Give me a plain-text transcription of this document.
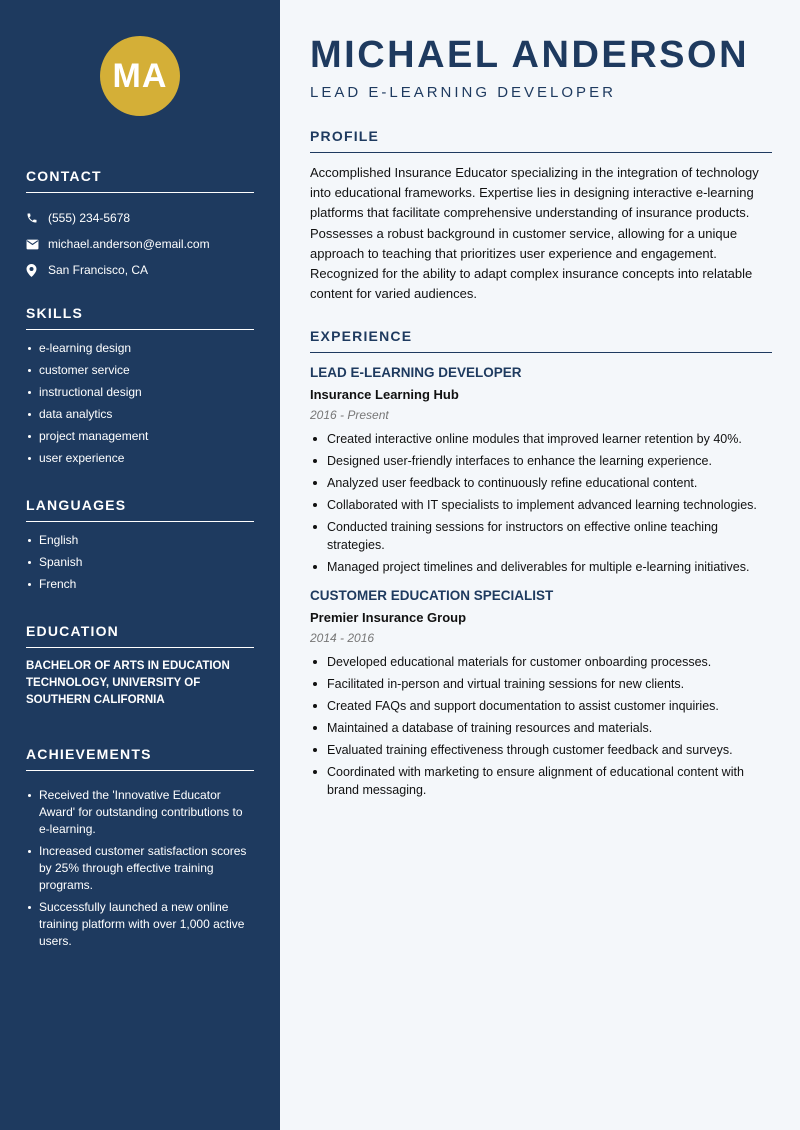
MA
CONTACT
(555) 234-5678
michael.anderson@email.com
San Francisco, CA
SKILLS
e-learning design
customer service
instructional design
data analytics
project management
user experience
LANGUAGES
English
Spanish
French
EDUCATION
BACHELOR OF ARTS IN EDUCATION TECHNOLOGY, UNIVERSITY OF SOUTHERN CALIFORNIA
ACHIEVEMENTS
Received the 'Innovative Educator Award' for outstanding contributions to e-learning.
Increased customer satisfaction scores by 25% through effective training programs.
Successfully launched a new online training platform with over 1,000 active users.
MICHAEL ANDERSON
LEAD E-LEARNING DEVELOPER
PROFILE

Accomplished Insurance Educator specializing in the integration of technology into educational frameworks. Expertise lies in designing interactive e-learning platforms that facilitate comprehensive understanding of insurance products. Possesses a robust background in customer service, allowing for a unique approach to teaching that prioritizes user experience and engagement. Recognized for the ability to adapt complex insurance concepts into relatable content for varied audiences.

EXPERIENCE
LEAD E-LEARNING DEVELOPER
Insurance Learning Hub
2016 - Present
Created interactive online modules that improved learner retention by 40%.
Designed user-friendly interfaces to enhance the learning experience.
Analyzed user feedback to continuously refine educational content.
Collaborated with IT specialists to implement advanced learning technologies.
Conducted training sessions for instructors on effective online teaching strategies.
Managed project timelines and deliverables for multiple e-learning initiatives.
CUSTOMER EDUCATION SPECIALIST
Premier Insurance Group
2014 - 2016
Developed educational materials for customer onboarding processes.
Facilitated in-person and virtual training sessions for new clients.
Created FAQs and support documentation to assist customer inquiries.
Maintained a database of training resources and materials.
Evaluated training effectiveness through customer feedback and surveys.
Coordinated with marketing to ensure alignment of educational content with brand messaging.
